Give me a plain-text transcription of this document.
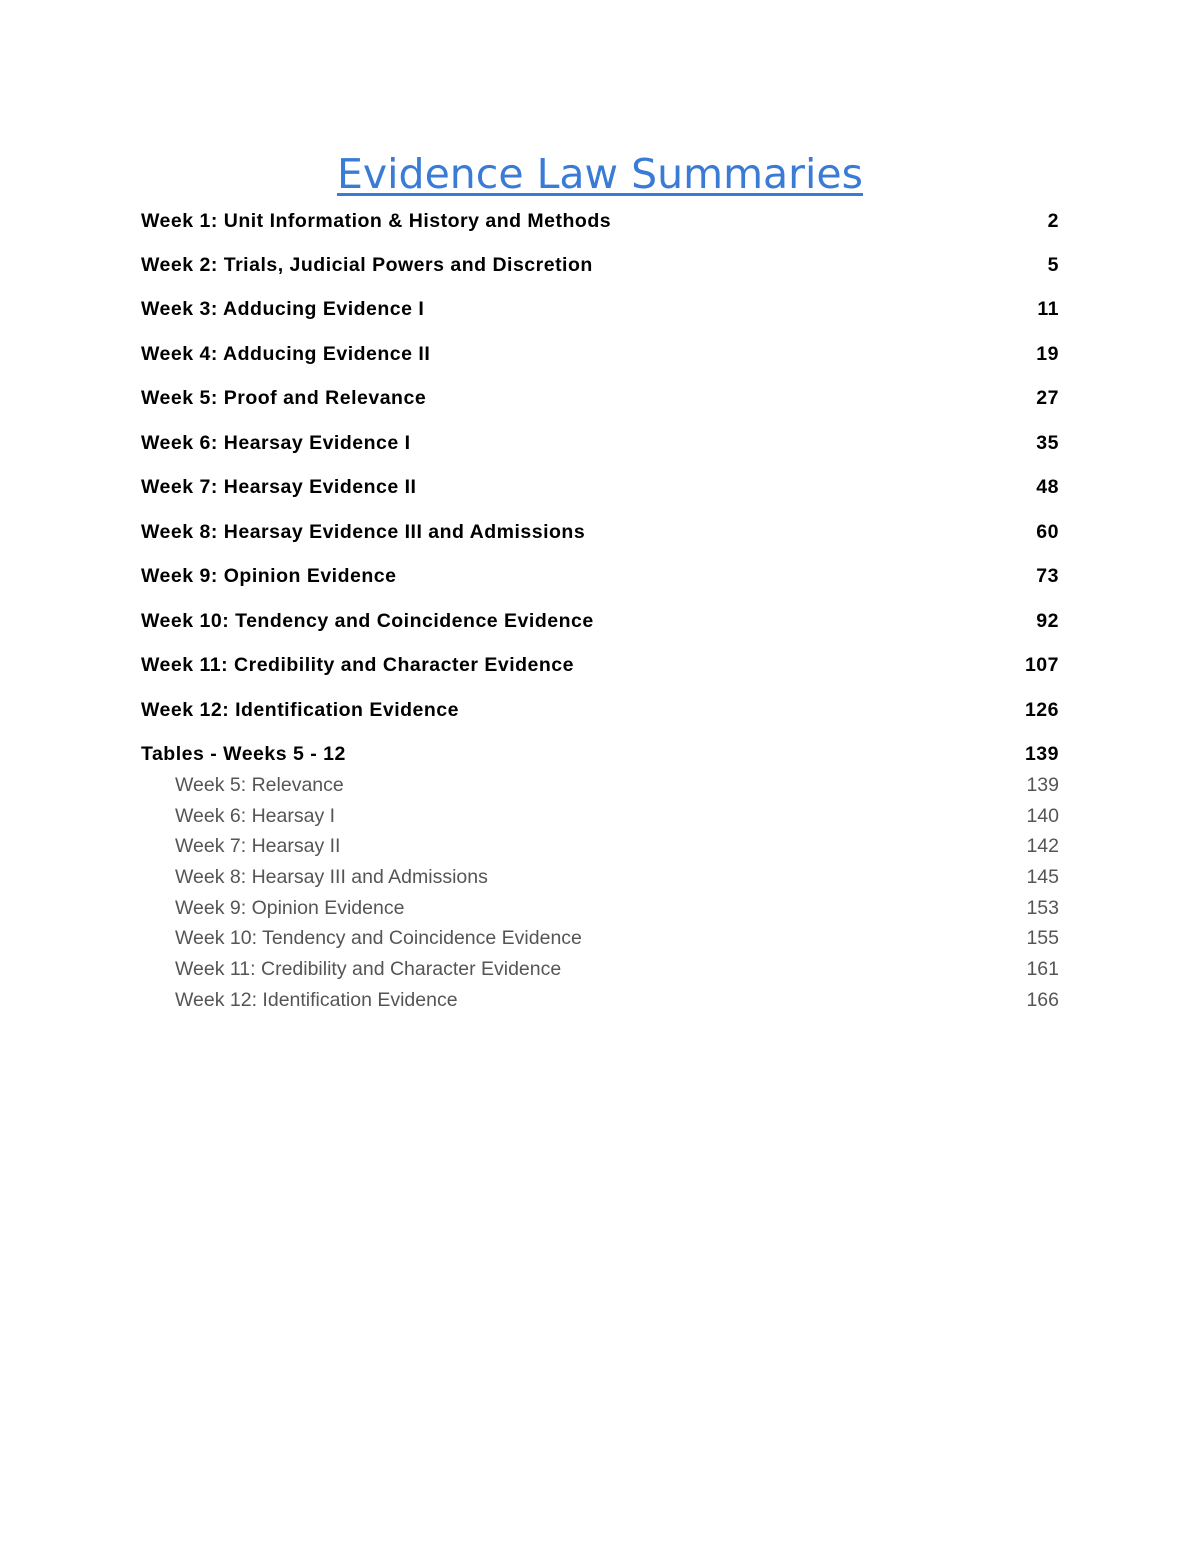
Evidence Law Summaries
Week 1: Unit Information & History and Methods	2
Week 2: Trials, Judicial Powers and Discretion	5
Week 3: Adducing Evidence I	11
Week 4: Adducing Evidence II	19
Week 5: Proof and Relevance	27
Week 6: Hearsay Evidence I	35
Week 7: Hearsay Evidence II	48
Week 8: Hearsay Evidence III and Admissions	60
Week 9: Opinion Evidence	73
Week 10: Tendency and Coincidence Evidence	92
Week 11: Credibility and Character Evidence	107
Week 12: Identification Evidence	126
Tables - Weeks 5 - 12	139
Week 5: Relevance	139
Week 6: Hearsay I	140
Week 7: Hearsay II	142
Week 8: Hearsay III and Admissions	145
Week 9: Opinion Evidence	153
Week 10: Tendency and Coincidence Evidence	155
Week 11: Credibility and Character Evidence	161
Week 12: Identification Evidence	166
